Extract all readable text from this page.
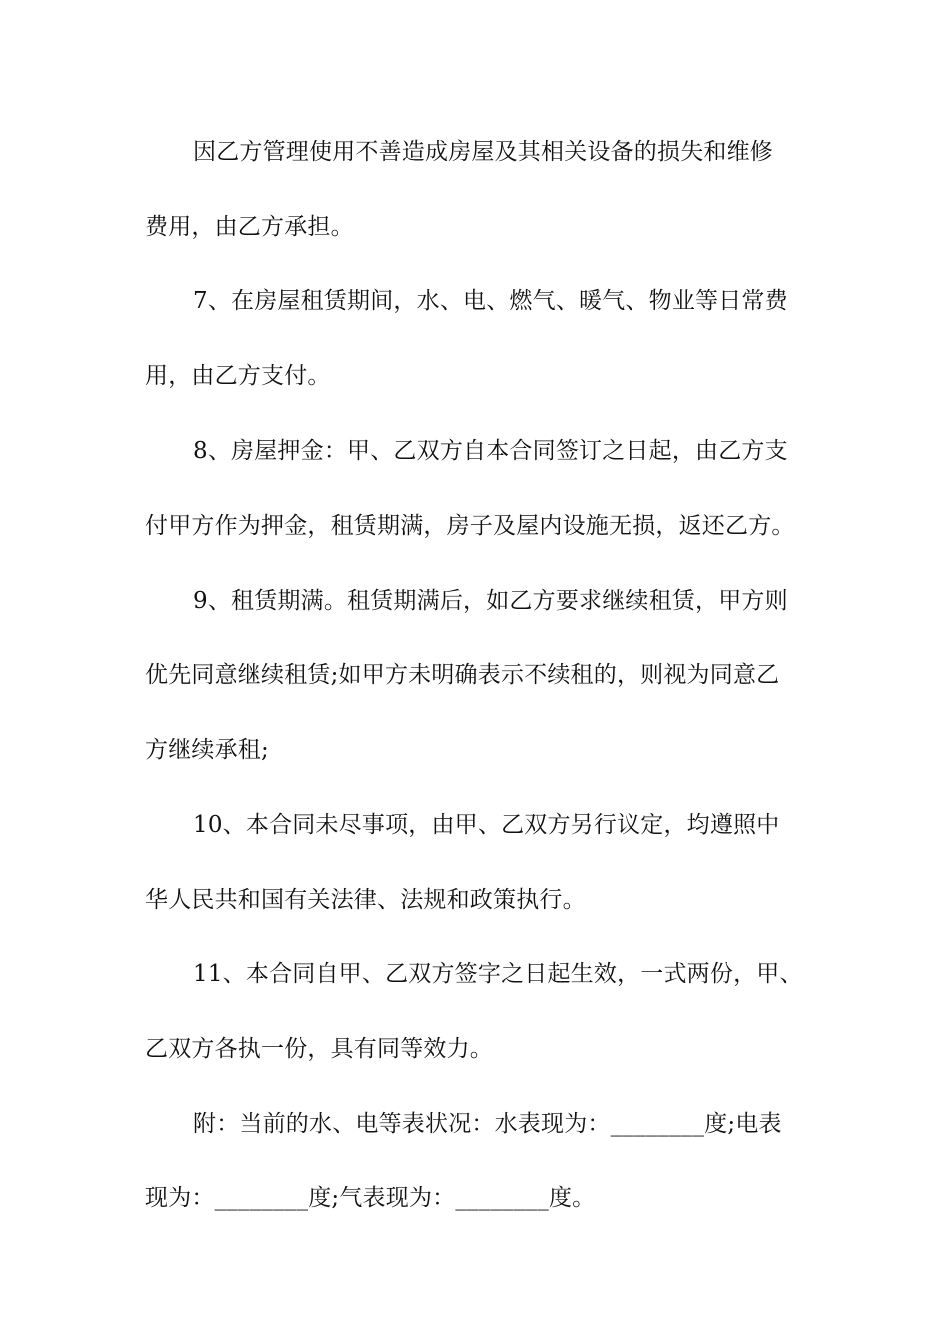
因乙方管理使用不善造成房屋及其相关设备的损失和维修
费用，由乙方承担。
7、在房屋租赁期间，水、电、燃气、暖气、物业等日常费
用，由乙方支付。
8、房屋押金：甲、乙双方自本合同签订之日起，由乙方支
付甲方作为押金，租赁期满，房子及屋内设施无损，返还乙方。
9、租赁期满。租赁期满后，如乙方要求继续租赁，甲方则
优先同意继续租赁;如甲方未明确表示不续租的，则视为同意乙
方继续承租;
10、本合同未尽事项，由甲、乙双方另行议定，均遵照中
华人民共和国有关法律、法规和政策执行。
11、本合同自甲、乙双方签字之日起生效，一式两份，甲、
乙双方各执一份，具有同等效力。
附：当前的水、电等表状况：水表现为：________度;电表
现为：________度;气表现为：________度。
